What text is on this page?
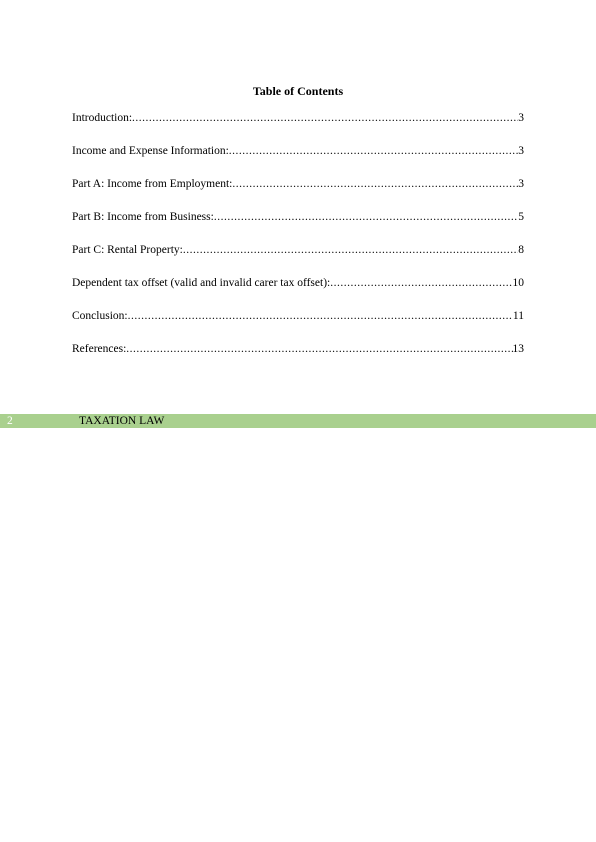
Table of Contents
Introduction: .....	3
Income and Expense Information: .....	3
Part A: Income from Employment: .....	3
Part B: Income from Business: .....	5
Part C: Rental Property: .....	8
Dependent tax offset (valid and invalid carer tax offset): .....	10
Conclusion: .....	11
References: .....	13
2	TAXATION LAW
